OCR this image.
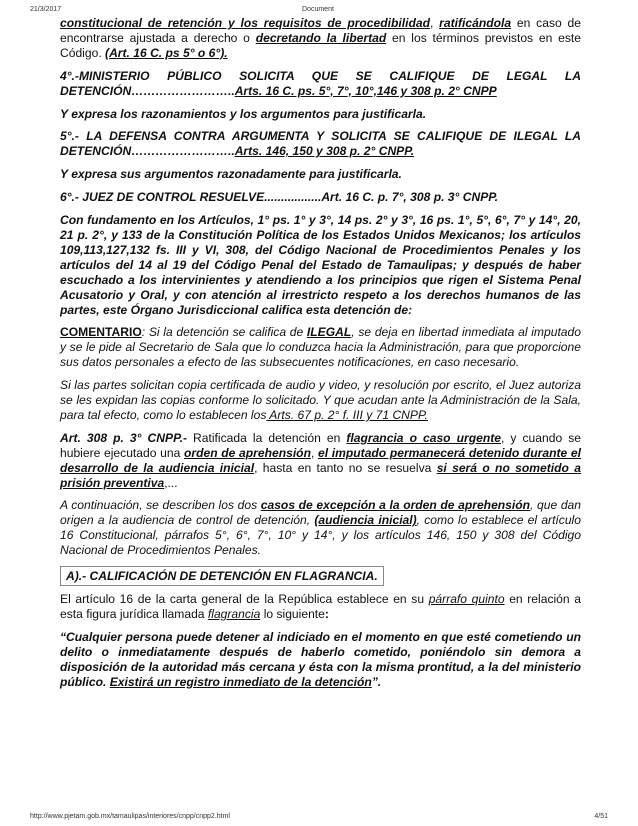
21/3/2017	Document

constitucional de retención y los requisitos de procedibilidad, ratificándola en caso de encontrarse ajustada a derecho o decretando la libertad en los términos previstos en este Código. (Art. 16 C. ps 5° o 6°).

4°.-MINISTERIO PÚBLICO SOLICITA QUE SE CALIFIQUE DE LEGAL LA DETENCIÓN……………………..Arts. 16 C. ps. 5°, 7°, 10°,146 y 308 p. 2° CNPP

Y expresa los razonamientos y los argumentos para justificarla.

5°.- LA DEFENSA CONTRA ARGUMENTA Y SOLICITA SE CALIFIQUE DE ILEGAL LA DETENCIÓN……………………..Arts. 146, 150 y 308 p. 2° CNPP.

Y expresa sus argumentos razonadamente para justificarla.

6°.- JUEZ DE CONTROL RESUELVE.................Art. 16 C. p. 7°, 308 p. 3° CNPP.

Con fundamento en los Artículos, 1° ps. 1° y 3°, 14 ps. 2° y 3°, 16 ps. 1°, 5°, 6°, 7° y 14°, 20, 21 p. 2°, y 133 de la Constitución Política de los Estados Unidos Mexicanos; los artículos 109,113,127,132 fs. III y VI, 308, del Código Nacional de Procedimientos Penales y los artículos del 14 al 19 del Código Penal del Estado de Tamaulipas; y después de haber escuchado a los intervinientes y atendiendo a los principios que rigen el Sistema Penal Acusatorio y Oral, y con atención al irrestricto respeto a los derechos humanos de las partes, este Órgano Jurisdiccional califica esta detención de:

COMENTARIO: Si la detención se califica de ILEGAL, se deja en libertad inmediata al imputado y se le pide al Secretario de Sala que lo conduzca hacia la Administración, para que proporcione sus datos personales a efecto de las subsecuentes notificaciones, en caso necesario.

Si las partes solicitan copia certificada de audio y video, y resolución por escrito, el Juez autoriza se les expidan las copias conforme lo solicitado. Y que acudan ante la Administración de la Sala, para tal efecto, como lo establecen los Arts. 67 p. 2° f. III y 71 CNPP.

Art. 308 p. 3° CNPP.- Ratificada la detención en flagrancia o caso urgente, y cuando se hubiere ejecutado una orden de aprehensión, el imputado permanecerá detenido durante el desarrollo de la audiencia inicial, hasta en tanto no se resuelva si será o no sometido a prisión preventiva,...

A continuación, se describen los dos casos de excepción a la orden de aprehensión, que dan origen a la audiencia de control de detención, (audiencia inicial), como lo establece el artículo 16 Constitucional, párrafos 5°, 6°, 7°, 10° y 14°, y los artículos 146, 150 y 308 del Código Nacional de Procedimientos Penales.

A).- CALIFICACIÓN DE DETENCIÓN EN FLAGRANCIA.

El artículo 16 de la carta general de la República establece en su párrafo quinto en relación a esta figura jurídica llamada flagrancia lo siguiente:

“Cualquier persona puede detener al indiciado en el momento en que esté cometiendo un delito o inmediatamente después de haberlo cometido, poniéndolo sin demora a disposición de la autoridad más cercana y ésta con la misma prontitud, a la del ministerio público. Existirá un registro inmediato de la detención”.

http://www.pjetam.gob.mx/tamaulipas/interiores/cnpp/cnpp2.html	4/51
